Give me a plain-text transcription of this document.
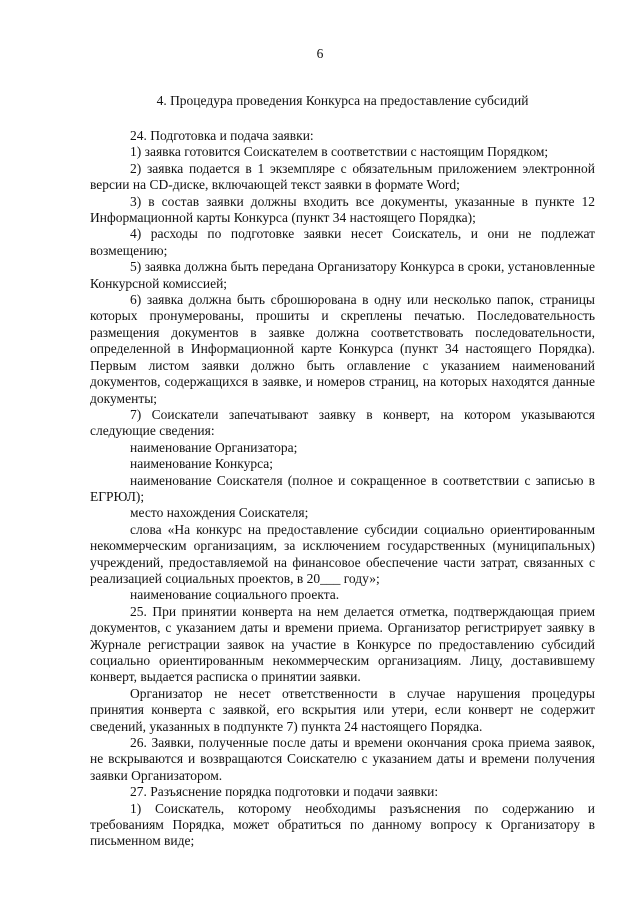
6
4. Процедура проведения Конкурса на предоставление субсидий

24. Подготовка и подача заявки:

1) заявка готовится Соискателем в соответствии с настоящим Порядком;

2) заявка подается в 1 экземпляре с обязательным приложением электронной версии на CD-диске, включающей текст заявки в формате Word;

3) в состав заявки должны входить все документы, указанные в пункте 12 Информационной карты Конкурса (пункт 34 настоящего Порядка);

4) расходы по подготовке заявки несет Соискатель, и они не подлежат возмещению;

5) заявка должна быть передана Организатору Конкурса в сроки, установленные Конкурсной комиссией;

6) заявка должна быть сброшюрована в одну или несколько папок, страницы которых пронумерованы, прошиты и скреплены печатью. Последовательность размещения документов в заявке должна соответствовать последовательности, определенной в Информационной карте Конкурса (пункт 34 настоящего Порядка). Первым листом заявки должно быть оглавление с указанием наименований документов, содержащихся в заявке, и номеров страниц, на которых находятся данные документы;

7) Соискатели запечатывают заявку в конверт, на котором указываются следующие сведения:

наименование Организатора;

наименование Конкурса;

наименование Соискателя (полное и сокращенное в соответствии с записью в ЕГРЮЛ);

место нахождения Соискателя;

слова «На конкурс на предоставление субсидии социально ориентированным некоммерческим организациям, за исключением государственных (муниципальных) учреждений, предоставляемой на финансовое обеспечение части затрат, связанных с реализацией социальных проектов, в 20___ году»;

наименование социального проекта.

25. При принятии конверта на нем делается отметка, подтверждающая прием документов, с указанием даты и времени приема. Организатор регистрирует заявку в Журнале регистрации заявок на участие в Конкурсе по предоставлению субсидий социально ориентированным некоммерческим организациям. Лицу, доставившему конверт, выдается расписка о принятии заявки.

Организатор не несет ответственности в случае нарушения процедуры принятия конверта с заявкой, его вскрытия или утери, если конверт не содержит сведений, указанных в подпункте 7) пункта 24 настоящего Порядка.

26. Заявки, полученные после даты и времени окончания срока приема заявок, не вскрываются и возвращаются Соискателю с указанием даты и времени получения заявки Организатором.

27. Разъяснение порядка подготовки и подачи заявки:

1) Соискатель, которому необходимы разъяснения по содержанию и требованиям Порядка, может обратиться по данному вопросу к Организатору в письменном виде;
